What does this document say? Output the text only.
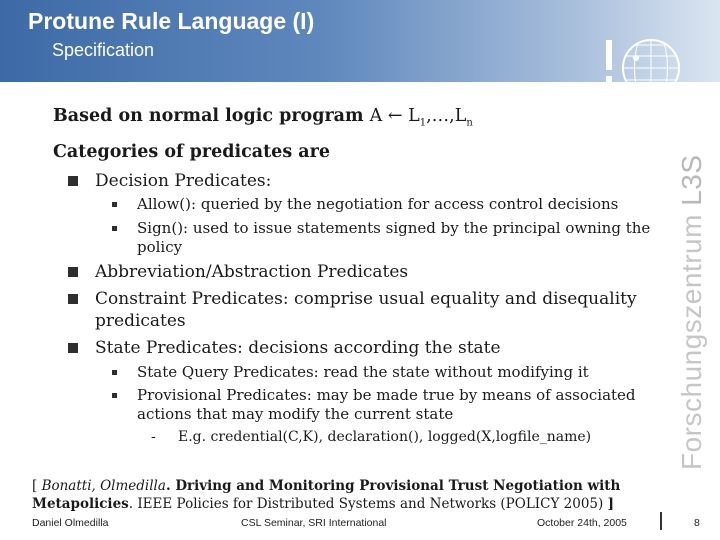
Protune Rule Language (I)
Specification
Forschungszentrum L3S
Based on normal logic program A ← $L_1,\dots,L_n$
Categories of predicates are
Decision Predicates:
Allow(): queried by the negotiation for access control decisions
Sign(): used to issue statements signed by the principal owning the policy
Abbreviation/Abstraction Predicates
Constraint Predicates: comprise usual equality and disequality predicates
State Predicates: decisions according the state
State Query Predicates: read the state without modifying it
Provisional Predicates: may be made true by means of associated actions that may modify the current state
- E.g. credential(C,K), declaration(), logged(X,logfile_name)
[ Bonatti, Olmedilla. Driving and Monitoring Provisional Trust Negotiation with Metapolicies. IEEE Policies for Distributed Systems and Networks (POLICY 2005) ]
Daniel Olmedilla	CSL Seminar, SRI International	October 24th, 2005	8
